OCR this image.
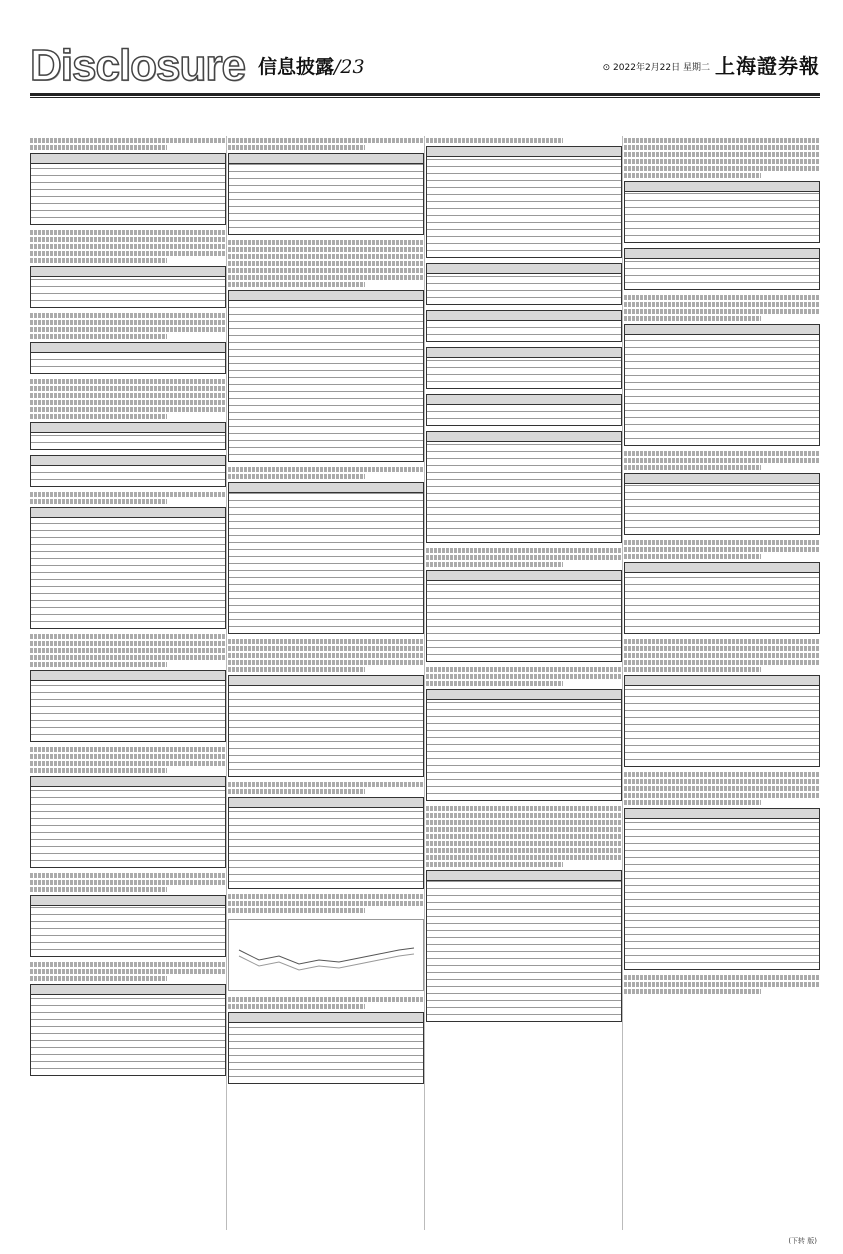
Disclosure 信息披露/23	⊙ 2022年2月22日 星期二 上海證券報
(下转 版)
